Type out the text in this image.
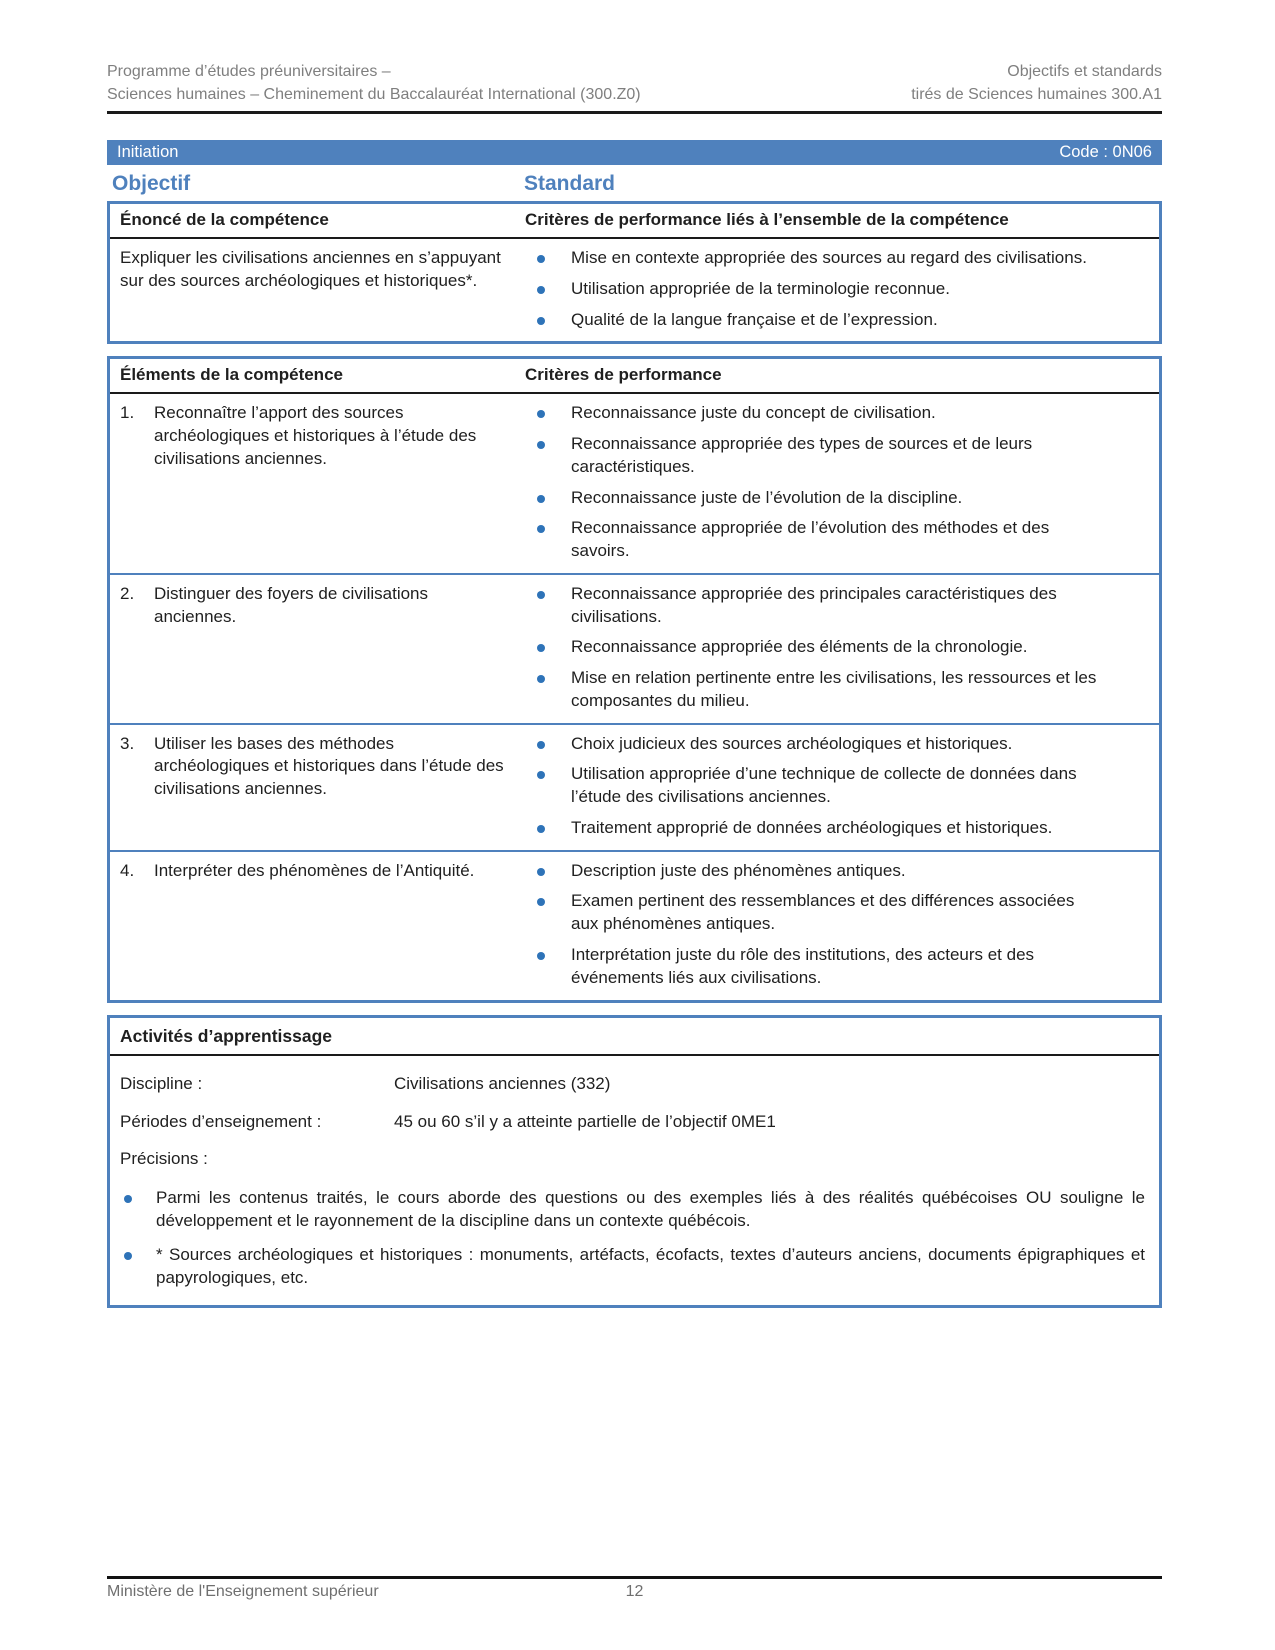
Programme d’études préuniversitaires –
Sciences humaines – Cheminement du Baccalauréat International (300.Z0)
Objectifs et standards
tirés de Sciences humaines 300.A1
Initiation	Code : 0N06
Objectif	Standard
Énoncé de la compétence	Critères de performance liés à l’ensemble de la compétence
Expliquer les civilisations anciennes en s’appuyant sur des sources archéologiques et historiques*.
Mise en contexte appropriée des sources au regard des civilisations.
Utilisation appropriée de la terminologie reconnue.
Qualité de la langue française et de l’expression.
Éléments de la compétence	Critères de performance
1.	Reconnaître l’apport des sources archéologiques et historiques à l’étude des civilisations anciennes.
Reconnaissance juste du concept de civilisation.
Reconnaissance appropriée des types de sources et de leurs caractéristiques.
Reconnaissance juste de l’évolution de la discipline.
Reconnaissance appropriée de l’évolution des méthodes et des savoirs.
2.	Distinguer des foyers de civilisations anciennes.
Reconnaissance appropriée des principales caractéristiques des civilisations.
Reconnaissance appropriée des éléments de la chronologie.
Mise en relation pertinente entre les civilisations, les ressources et les composantes du milieu.
3.	Utiliser les bases des méthodes archéologiques et historiques dans l’étude des civilisations anciennes.
Choix judicieux des sources archéologiques et historiques.
Utilisation appropriée d’une technique de collecte de données dans l’étude des civilisations anciennes.
Traitement approprié de données archéologiques et historiques.
4.	Interpréter des phénomènes de l’Antiquité.	Description juste des phénomènes antiques.
Examen pertinent des ressemblances et des différences associées aux phénomènes antiques.
Interprétation juste du rôle des institutions, des acteurs et des événements liés aux civilisations.
Activités d’apprentissage
Discipline :	Civilisations anciennes (332)
Périodes d’enseignement :	45 ou 60 s’il y a atteinte partielle de l’objectif 0ME1
Précisions :
Parmi les contenus traités, le cours aborde des questions ou des exemples liés à des réalités québécoises OU souligne le développement et le rayonnement de la discipline dans un contexte québécois.
* Sources archéologiques et historiques : monuments, artéfacts, écofacts, textes d’auteurs anciens, documents épigraphiques et papyrologiques, etc.
Ministère de l'Enseignement supérieur	12
